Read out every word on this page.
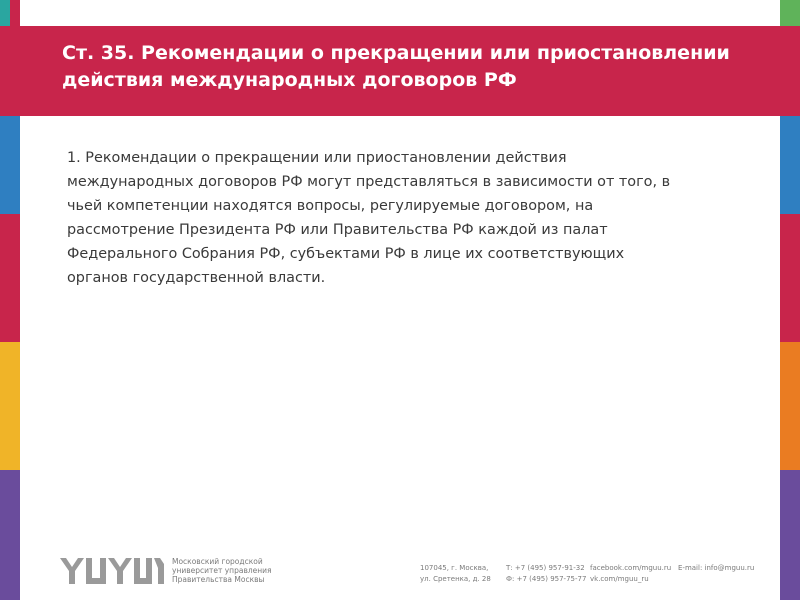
Ст. 35. Рекомендации о прекращении или приостановлении
действия международных договоров РФ
1. Рекомендации о прекращении или приостановлении действия
международных договоров РФ могут представляться в зависимости от того, в
чьей компетенции находятся вопросы, регулируемые договором, на
рассмотрение Президента РФ или Правительства РФ каждой из палат
Федерального Собрания РФ, субъектами РФ в лице их соответствующих
органов государственной власти.
Московский городской
университет управления
Правительства Москвы
107045, г. Москва,
ул. Сретенка, д. 28
Т: +7 (495) 957-91-32
Ф: +7 (495) 957-75-77
facebook.com/mguu.ru
vk.com/mguu_ru
E-mail: info@mguu.ru
